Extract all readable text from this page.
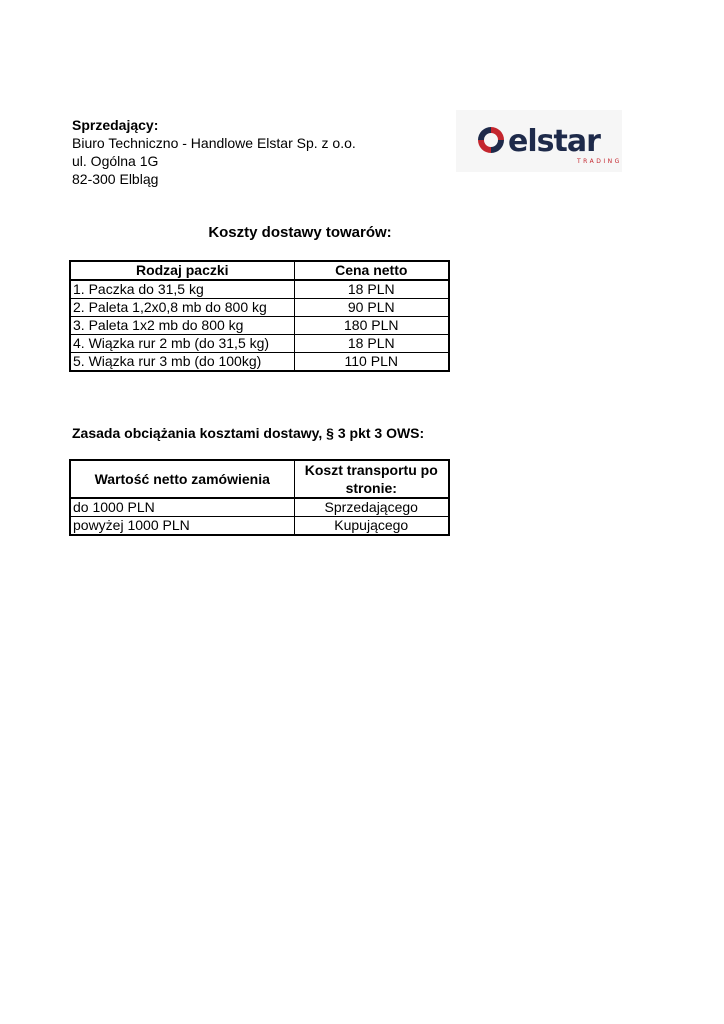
Sprzedający:
Biuro Techniczno - Handlowe Elstar Sp. z o.o.
ul. Ogólna 1G
82-300 Elbląg
elstar
TRADING
Koszty dostawy towarów:
Rodzaj paczki	Cena netto
1. Paczka do 31,5 kg	18 PLN
2. Paleta 1,2x0,8 mb do 800 kg	90 PLN
3. Paleta 1x2 mb do 800 kg	180 PLN
4. Wiązka rur 2 mb (do 31,5 kg)	18 PLN
5. Wiązka rur 3 mb (do 100kg)	110 PLN
Zasada obciążania kosztami dostawy, § 3 pkt 3 OWS:
Wartość netto zamówienia	Koszt transportu po stronie:
do 1000 PLN	Sprzedającego
powyżej 1000 PLN	Kupującego
